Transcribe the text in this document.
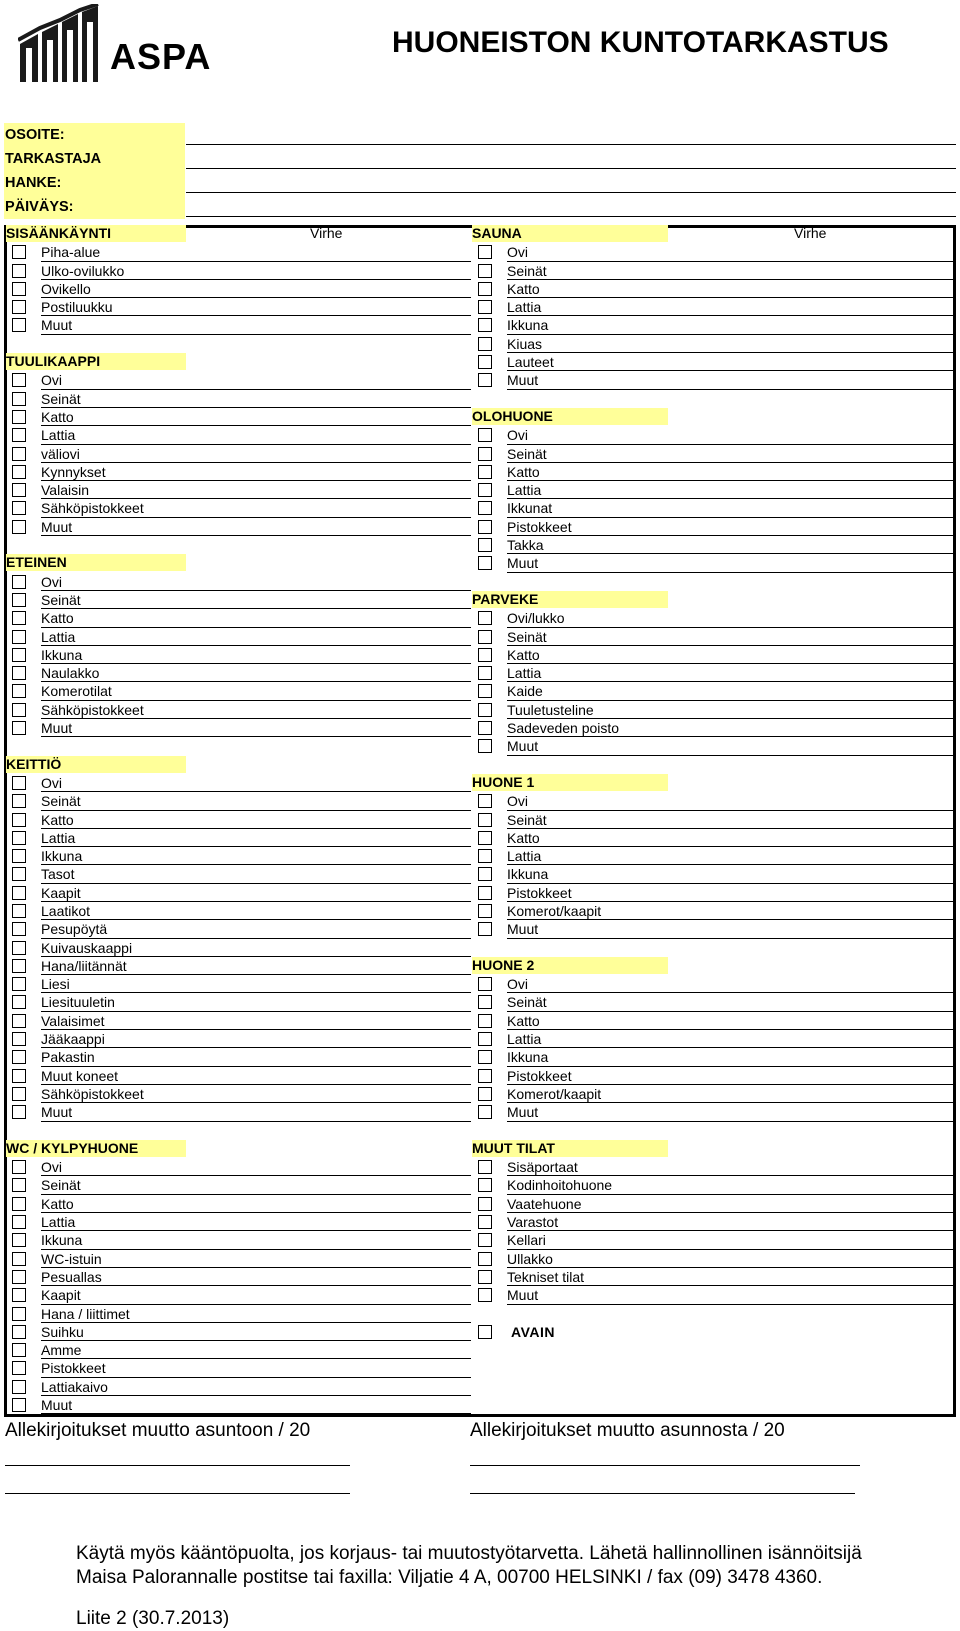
ASPA	HUONEISTON KUNTOTARKASTUS
OSOITE:
TARKASTAJA
HANKE:
PÄIVÄYS:
SISÄÄNKÄYNTI	Virhe
Piha-alue
Ulko-ovilukko
Ovikello
Postiluukku
Muut
TUULIKAAPPI
Ovi
Seinät
Katto
Lattia
väliovi
Kynnykset
Valaisin
Sähköpistokkeet
Muut
ETEINEN
Ovi
Seinät
Katto
Lattia
Ikkuna
Naulakko
Komerotilat
Sähköpistokkeet
Muut
KEITTIÖ
Ovi
Seinät
Katto
Lattia
Ikkuna
Tasot
Kaapit
Laatikot
Pesupöytä
Kuivauskaappi
Hana/liitännät
Liesi
Liesituuletin
Valaisimet
Jääkaappi
Pakastin
Muut koneet
Sähköpistokkeet
Muut
WC / KYLPYHUONE
Ovi
Seinät
Katto
Lattia
Ikkuna
WC-istuin
Pesuallas
Kaapit
Hana / liittimet
Suihku
Amme
Pistokkeet
Lattiakaivo
Muut
SAUNA	Virhe
Ovi
Seinät
Katto
Lattia
Ikkuna
Kiuas
Lauteet
Muut
OLOHUONE
Ovi
Seinät
Katto
Lattia
Ikkunat
Pistokkeet
Takka
Muut
PARVEKE
Ovi/lukko
Seinät
Katto
Lattia
Kaide
Tuuletusteline
Sadeveden poisto
Muut
HUONE 1
Ovi
Seinät
Katto
Lattia
Ikkuna
Pistokkeet
Komerot/kaapit
Muut
HUONE 2
Ovi
Seinät
Katto
Lattia
Ikkuna
Pistokkeet
Komerot/kaapit
Muut
MUUT TILAT
Sisäportaat
Kodinhoitohuone
Vaatehuone
Varastot
Kellari
Ullakko
Tekniset tilat
Muut
AVAIN
Allekirjoitukset muutto asuntoon / 20	Allekirjoitukset muutto asunnosta / 20
Käytä myös kääntöpuolta, jos korjaus- tai muutostyötarvetta. Lähetä hallinnollinen isännöitsijä
Maisa Palorannalle postitse tai faxilla: Viljatie 4 A, 00700 HELSINKI / fax (09) 3478 4360.
Liite 2 (30.7.2013)
